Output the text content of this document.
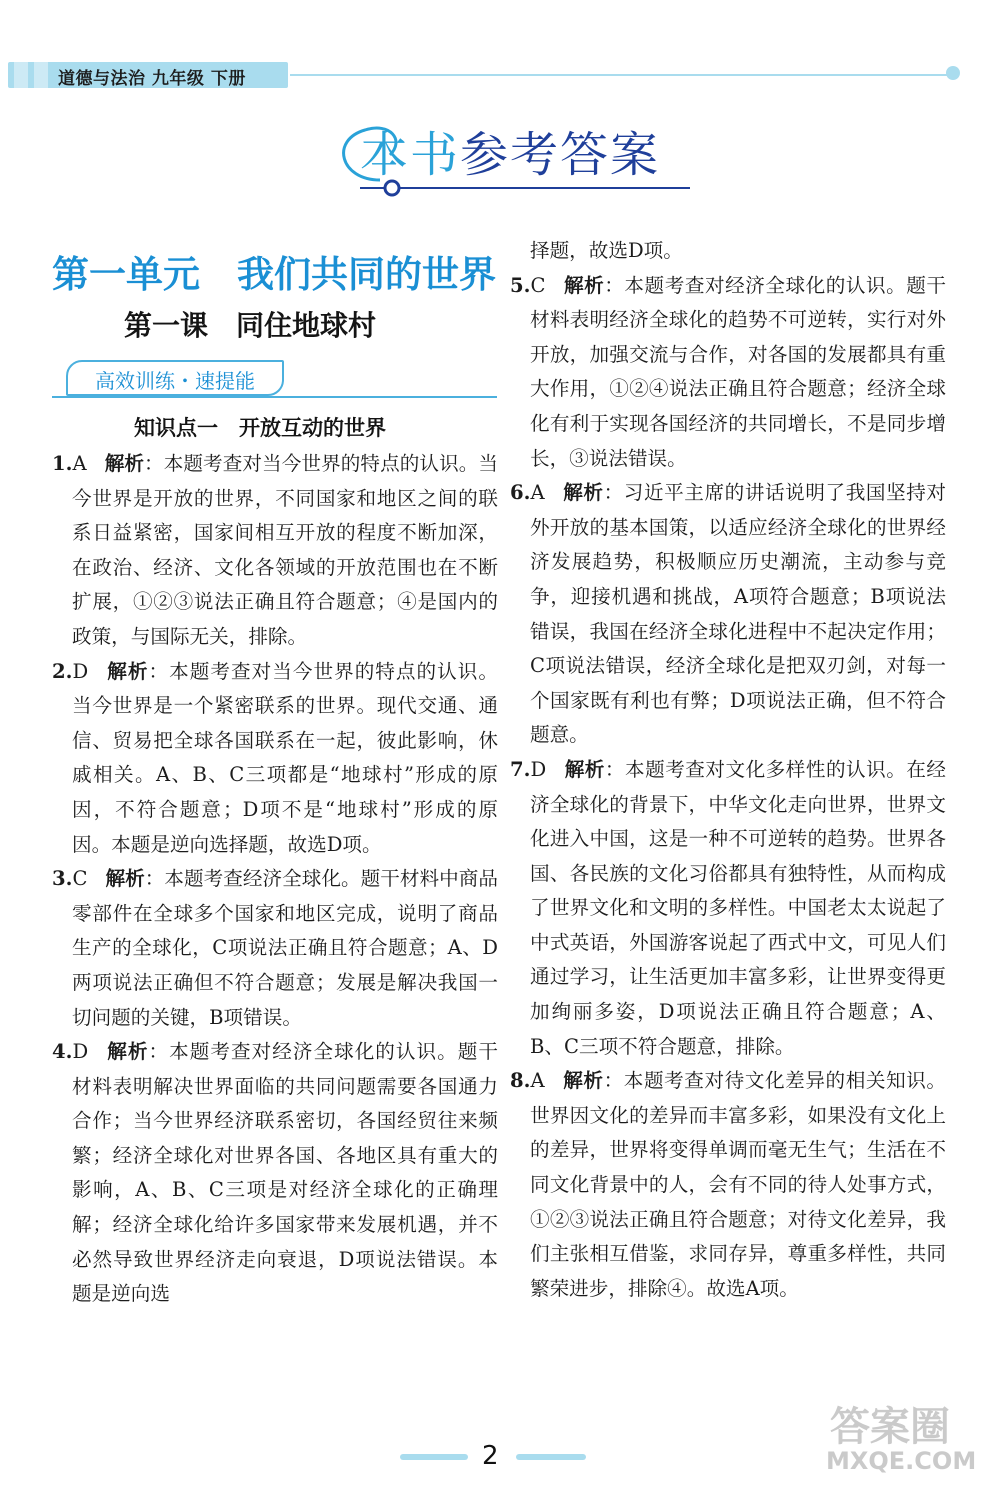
道德与法治 九年级 下册
本书参考答案
第一单元　我们共同的世界
第一课　同住地球村
高效训练・速提能
知识点一　开放互动的世界
1.A 解析：本题考查对当今世界的特点的认识。当今世界是开放的世界，不同国家和地区之间的联系日益紧密，国家间相互开放的程度不断加深，在政治、经济、文化各领域的开放范围也在不断扩展，①②③说法正确且符合题意；④是国内的政策，与国际无关，排除。
2.D 解析：本题考查对当今世界的特点的认识。当今世界是一个紧密联系的世界。现代交通、通信、贸易把全球各国联系在一起，彼此影响，休戚相关。A、B、C三项都是“地球村”形成的原因，不符合题意；D项不是“地球村”形成的原因。本题是逆向选择题，故选D项。
3.C 解析：本题考查经济全球化。题干材料中商品零部件在全球多个国家和地区完成，说明了商品生产的全球化，C项说法正确且符合题意；A、D两项说法正确但不符合题意；发展是解决我国一切问题的关键，B项错误。
4.D 解析：本题考查对经济全球化的认识。题干材料表明解决世界面临的共同问题需要各国通力合作；当今世界经济联系密切，各国经贸往来频繁；经济全球化对世界各国、各地区具有重大的影响，A、B、C三项是对经济全球化的正确理解；经济全球化给许多国家带来发展机遇，并不必然导致世界经济走向衰退，D项说法错误。本题是逆向选
择题，故选D项。
5.C 解析：本题考查对经济全球化的认识。题干材料表明经济全球化的趋势不可逆转，实行对外开放，加强交流与合作，对各国的发展都具有重大作用，①②④说法正确且符合题意；经济全球化有利于实现各国经济的共同增长，不是同步增长，③说法错误。
6.A 解析：习近平主席的讲话说明了我国坚持对外开放的基本国策，以适应经济全球化的世界经济发展趋势，积极顺应历史潮流，主动参与竞争，迎接机遇和挑战，A项符合题意；B项说法错误，我国在经济全球化进程中不起决定作用；C项说法错误，经济全球化是把双刃剑，对每一个国家既有利也有弊；D项说法正确，但不符合题意。
7.D 解析：本题考查对文化多样性的认识。在经济全球化的背景下，中华文化走向世界，世界文化进入中国，这是一种不可逆转的趋势。世界各国、各民族的文化习俗都具有独特性，从而构成了世界文化和文明的多样性。中国老太太说起了中式英语，外国游客说起了西式中文，可见人们通过学习，让生活更加丰富多彩，让世界变得更加绚丽多姿，D项说法正确且符合题意；A、B、C三项不符合题意，排除。
8.A 解析：本题考查对待文化差异的相关知识。世界因文化的差异而丰富多彩，如果没有文化上的差异，世界将变得单调而毫无生气；生活在不同文化背景中的人，会有不同的待人处事方式，①②③说法正确且符合题意；对待文化差异，我们主张相互借鉴，求同存异，尊重多样性，共同繁荣进步，排除④。故选A项。
2
答案圈
MXQE.COM
